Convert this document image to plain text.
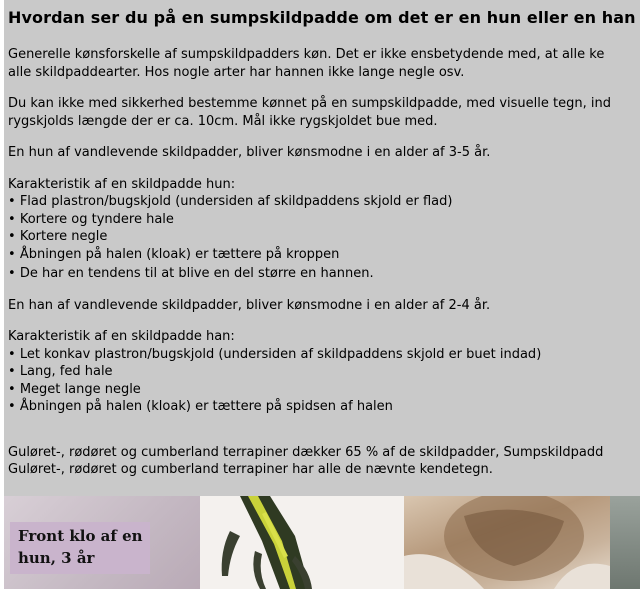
Hvordan ser du på en sumpskildpadde om det er en hun eller en han

Generelle kønsforskelle af sumpskildpadders køn. Det er ikke ensbetydende med, at alle ke

alle skildpaddearter. Hos nogle arter har hannen ikke lange negle osv.

Du kan ikke med sikkerhed bestemme kønnet på en sumpskildpadde, med visuelle tegn, ind

rygskjolds længde der er ca. 10cm. Mål ikke rygskjoldet bue med.

En hun af vandlevende skildpadder, bliver kønsmodne i en alder af 3-5 år.

Karakteristik af en skildpadde hun:

• Flad plastron/bugskjold (undersiden af skildpaddens skjold er flad)

• Kortere og tyndere hale

• Kortere negle

• Åbningen på halen (kloak) er tættere på kroppen

• De har en tendens til at blive en del større en hannen.

En han af vandlevende skildpadder, bliver kønsmodne i en alder af 2-4 år.

Karakteristik af en skildpadde han:

• Let konkav plastron/bugskjold (undersiden af skildpaddens skjold er buet indad)

• Lang, fed hale

• Meget lange negle

• Åbningen på halen (kloak) er tættere på spidsen af halen

Guløret-, rødøret og cumberland terrapiner dækker 65 % af de skildpadder, Sumpskildpadd

Guløret-, rødøret og cumberland terrapiner har alle de nævnte kendetegn.

Front klo af en
hun, 3 år
